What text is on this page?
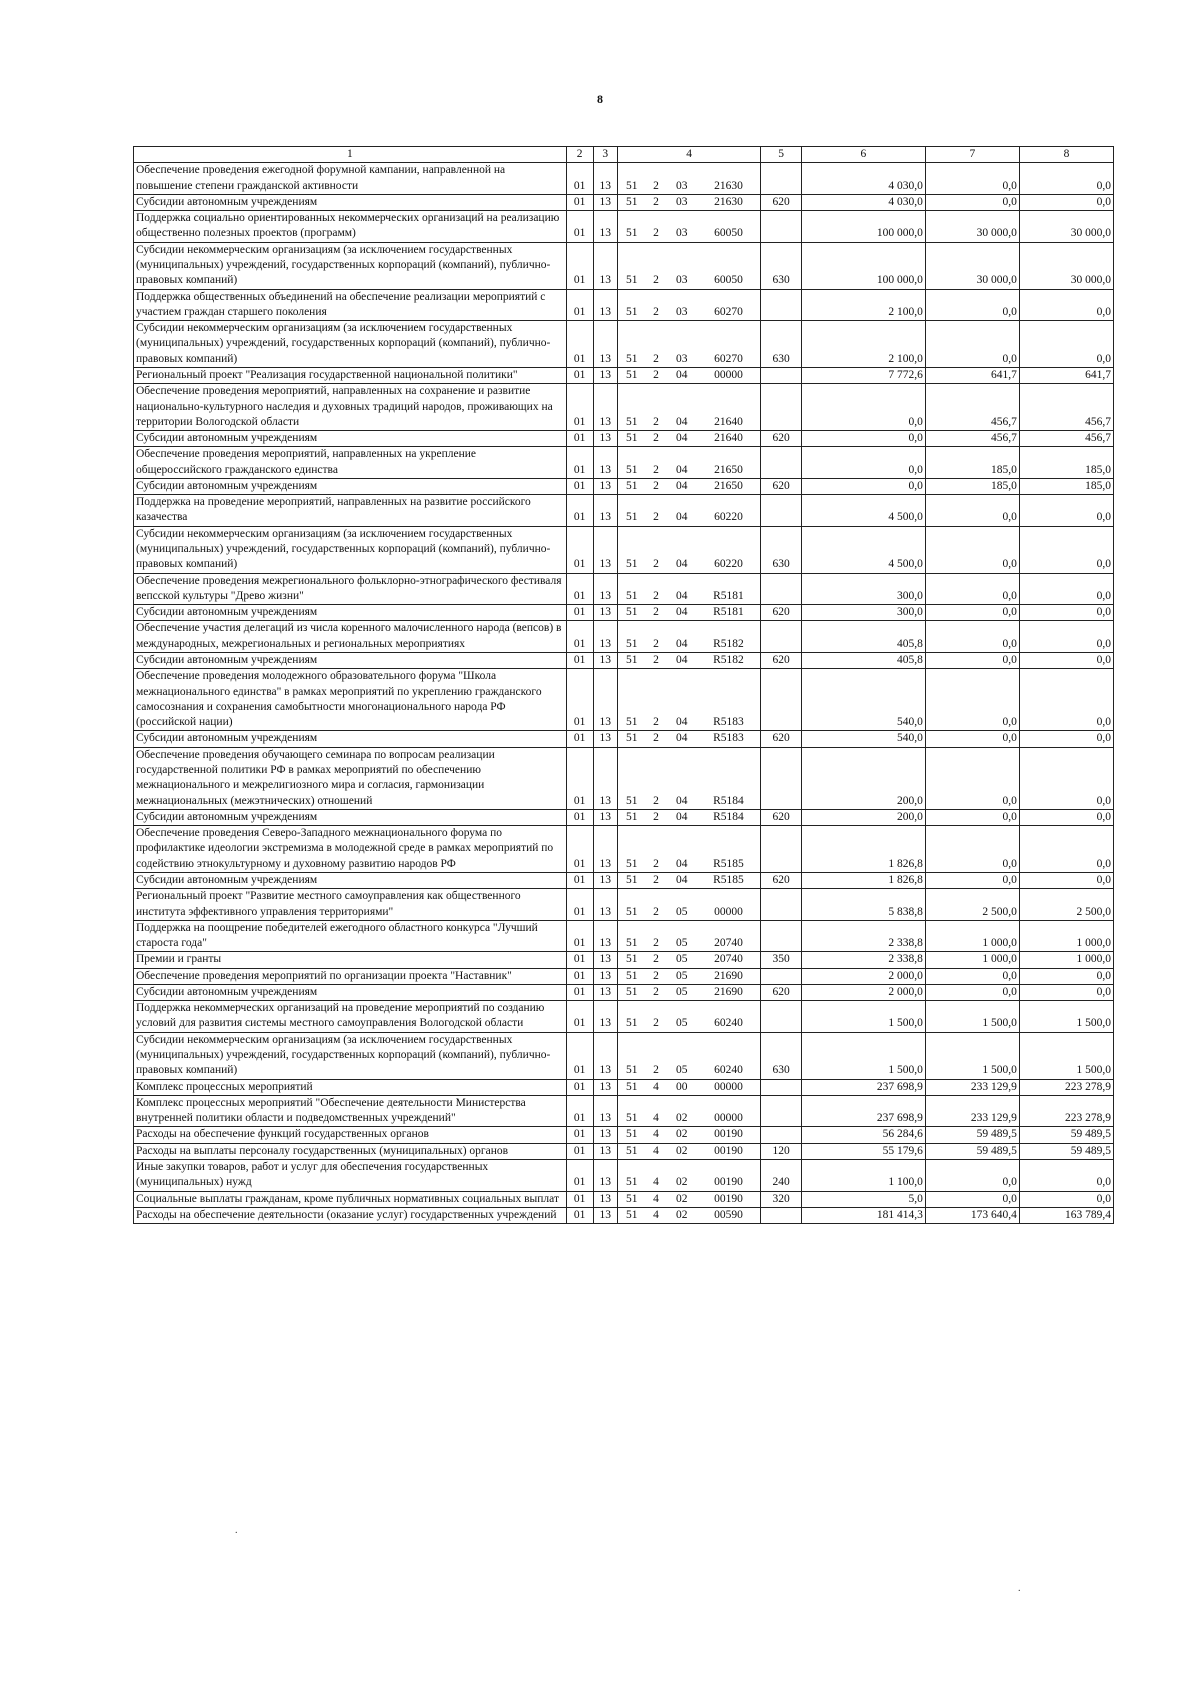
8
1	2	3	4				5	6	7	8
Обеспечение проведения ежегодной форумной кампании, направленной на повышение степени гражданской активности	01	13	51	2	03	21630		4 030,0	0,0	0,0
Субсидии автономным учреждениям	01	13	51	2	03	21630	620	4 030,0	0,0	0,0
Поддержка социально ориентированных некоммерческих организаций на реализацию общественно полезных проектов (программ)	01	13	51	2	03	60050		100 000,0	30 000,0	30 000,0
Субсидии некоммерческим организациям (за исключением государственных (муниципальных) учреждений, государственных корпораций (компаний), публично-правовых компаний)	01	13	51	2	03	60050	630	100 000,0	30 000,0	30 000,0
Поддержка общественных объединений на обеспечение реализации мероприятий с участием граждан старшего поколения	01	13	51	2	03	60270		2 100,0	0,0	0,0
Субсидии некоммерческим организациям (за исключением государственных (муниципальных) учреждений, государственных корпораций (компаний), публично-правовых компаний)	01	13	51	2	03	60270	630	2 100,0	0,0	0,0
Региональный проект "Реализация государственной национальной политики"	01	13	51	2	04	00000		7 772,6	641,7	641,7
Обеспечение проведения мероприятий, направленных на сохранение и развитие национально-культурного наследия и духовных традиций народов, проживающих на территории Вологодской области	01	13	51	2	04	21640		0,0	456,7	456,7
Субсидии автономным учреждениям	01	13	51	2	04	21640	620	0,0	456,7	456,7
Обеспечение проведения мероприятий, направленных на укрепление общероссийского гражданского единства	01	13	51	2	04	21650		0,0	185,0	185,0
Субсидии автономным учреждениям	01	13	51	2	04	21650	620	0,0	185,0	185,0
Поддержка на проведение мероприятий, направленных на развитие российского казачества	01	13	51	2	04	60220		4 500,0	0,0	0,0
Субсидии некоммерческим организациям (за исключением государственных (муниципальных) учреждений, государственных корпораций (компаний), публично-правовых компаний)	01	13	51	2	04	60220	630	4 500,0	0,0	0,0
Обеспечение проведения межрегионального фольклорно-этнографического фестиваля вепсской культуры "Древо жизни"	01	13	51	2	04	R5181		300,0	0,0	0,0
Субсидии автономным учреждениям	01	13	51	2	04	R5181	620	300,0	0,0	0,0
Обеспечение участия делегаций из числа коренного малочисленного народа (вепсов) в международных, межрегиональных и региональных мероприятиях	01	13	51	2	04	R5182		405,8	0,0	0,0
Субсидии автономным учреждениям	01	13	51	2	04	R5182	620	405,8	0,0	0,0
Обеспечение проведения молодежного образовательного форума "Школа межнационального единства" в рамках мероприятий по укреплению гражданского самосознания и сохранения самобытности многонационального народа РФ (российской нации)	01	13	51	2	04	R5183		540,0	0,0	0,0
Субсидии автономным учреждениям	01	13	51	2	04	R5183	620	540,0	0,0	0,0
Обеспечение проведения обучающего семинара по вопросам реализации государственной политики РФ в рамках мероприятий по обеспечению межнационального и межрелигиозного мира и согласия, гармонизации межнациональных (межэтнических) отношений	01	13	51	2	04	R5184		200,0	0,0	0,0
Субсидии автономным учреждениям	01	13	51	2	04	R5184	620	200,0	0,0	0,0
Обеспечение проведения Северо-Западного межнационального форума по профилактике идеологии экстремизма в молодежной среде в рамках мероприятий по содействию этнокультурному и духовному развитию народов РФ	01	13	51	2	04	R5185		1 826,8	0,0	0,0
Субсидии автономным учреждениям	01	13	51	2	04	R5185	620	1 826,8	0,0	0,0
Региональный проект "Развитие местного самоуправления как общественного института эффективного управления территориями"	01	13	51	2	05	00000		5 838,8	2 500,0	2 500,0
Поддержка на поощрение победителей ежегодного областного конкурса "Лучший староста года"	01	13	51	2	05	20740		2 338,8	1 000,0	1 000,0
Премии и гранты	01	13	51	2	05	20740	350	2 338,8	1 000,0	1 000,0
Обеспечение проведения мероприятий по организации проекта "Наставник"	01	13	51	2	05	21690		2 000,0	0,0	0,0
Субсидии автономным учреждениям	01	13	51	2	05	21690	620	2 000,0	0,0	0,0
Поддержка некоммерческих организаций на проведение мероприятий по созданию условий для развития системы местного самоуправления Вологодской области	01	13	51	2	05	60240		1 500,0	1 500,0	1 500,0
Субсидии некоммерческим организациям (за исключением государственных (муниципальных) учреждений, государственных корпораций (компаний), публично-правовых компаний)	01	13	51	2	05	60240	630	1 500,0	1 500,0	1 500,0
Комплекс процессных мероприятий	01	13	51	4	00	00000		237 698,9	233 129,9	223 278,9
Комплекс процессных мероприятий "Обеспечение деятельности Министерства внутренней политики области и подведомственных учреждений"	01	13	51	4	02	00000		237 698,9	233 129,9	223 278,9
Расходы на обеспечение функций государственных органов	01	13	51	4	02	00190		56 284,6	59 489,5	59 489,5
Расходы на выплаты персоналу государственных (муниципальных) органов	01	13	51	4	02	00190	120	55 179,6	59 489,5	59 489,5
Иные закупки товаров, работ и услуг для обеспечения государственных (муниципальных) нужд	01	13	51	4	02	00190	240	1 100,0	0,0	0,0
Социальные выплаты гражданам, кроме публичных нормативных социальных выплат	01	13	51	4	02	00190	320	5,0	0,0	0,0
Расходы на обеспечение деятельности (оказание услуг) государственных учреждений	01	13	51	4	02	00590		181 414,3	173 640,4	163 789,4
.
.
